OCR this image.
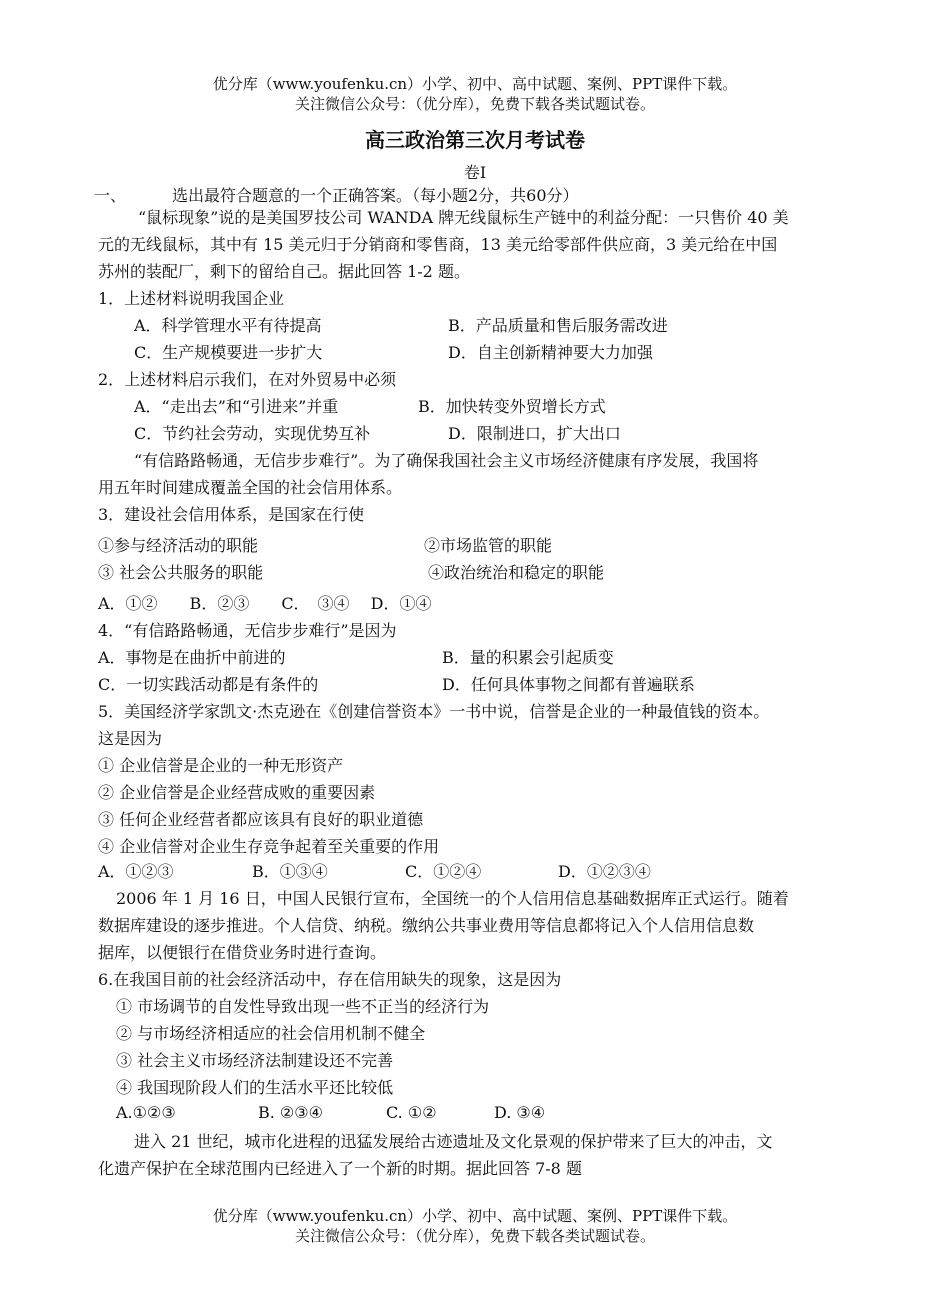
优分库（www.youfenku.cn）小学、初中、高中试题、案例、PPT课件下载。
关注微信公众号：（优分库），免费下载各类试题试卷。
高三政治第三次月考试卷
卷I
一、	选出最符合题意的一个正确答案。（每小题2分，共60分）
“鼠标现象”说的是美国罗技公司 WANDA 牌无线鼠标生产链中的利益分配：一只售价 40 美
元的无线鼠标，其中有 15 美元归于分销商和零售商，13 美元给零部件供应商，3 美元给在中国
苏州的装配厂，剩下的留给自己。据此回答 1-2 题。
1．上述材料说明我国企业
A．科学管理水平有待提高	B．产品质量和售后服务需改进
C．生产规模要进一步扩大	D．自主创新精神要大力加强
2．上述材料启示我们，在对外贸易中必须
A．“走出去”和“引进来”并重	B．加快转变外贸增长方式
C．节约社会劳动，实现优势互补	D．限制进口，扩大出口
“有信路路畅通，无信步步难行”。为了确保我国社会主义市场经济健康有序发展，我国将
用五年时间建成覆盖全国的社会信用体系。
3．建设社会信用体系，是国家在行使
①参与经济活动的职能	②市场监管的职能
③ 社会公共服务的职能	④政治统治和稳定的职能
A．①②　　B．②③　　C．　③④　 D．①④
4．“有信路路畅通，无信步步难行”是因为
A．事物是在曲折中前进的	B．量的积累会引起质变
C．一切实践活动都是有条件的	D．任何具体事物之间都有普遍联系
5．美国经济学家凯文·杰克逊在《创建信誉资本》一书中说，信誉是企业的一种最值钱的资本。
这是因为
① 企业信誉是企业的一种无形资产
② 企业信誉是企业经营成败的重要因素
③ 任何企业经营者都应该具有良好的职业道德
④ 企业信誉对企业生存竞争起着至关重要的作用
A．①②③	B．①③④	C．①②④	D．①②③④
2006 年 1 月 16 日，中国人民银行宣布，全国统一的个人信用信息基础数据库正式运行。随着
数据库建设的逐步推进。个人信贷、纳税。缴纳公共事业费用等信息都将记入个人信用信息数
据库，以便银行在借贷业务时进行查询。
6.在我国目前的社会经济活动中，存在信用缺失的现象，这是因为
① 市场调节的自发性导致出现一些不正当的经济行为
② 与市场经济相适应的社会信用机制不健全
③ 社会主义市场经济法制建设还不完善
④ 我国现阶段人们的生活水平还比较低
A.①②③	B. ②③④	C. ①②	D. ③④
进入 21 世纪，城市化进程的迅猛发展给古迹遗址及文化景观的保护带来了巨大的冲击，文
化遗产保护在全球范围内已经进入了一个新的时期。据此回答 7-8 题
优分库（www.youfenku.cn）小学、初中、高中试题、案例、PPT课件下载。
关注微信公众号：（优分库），免费下载各类试题试卷。
